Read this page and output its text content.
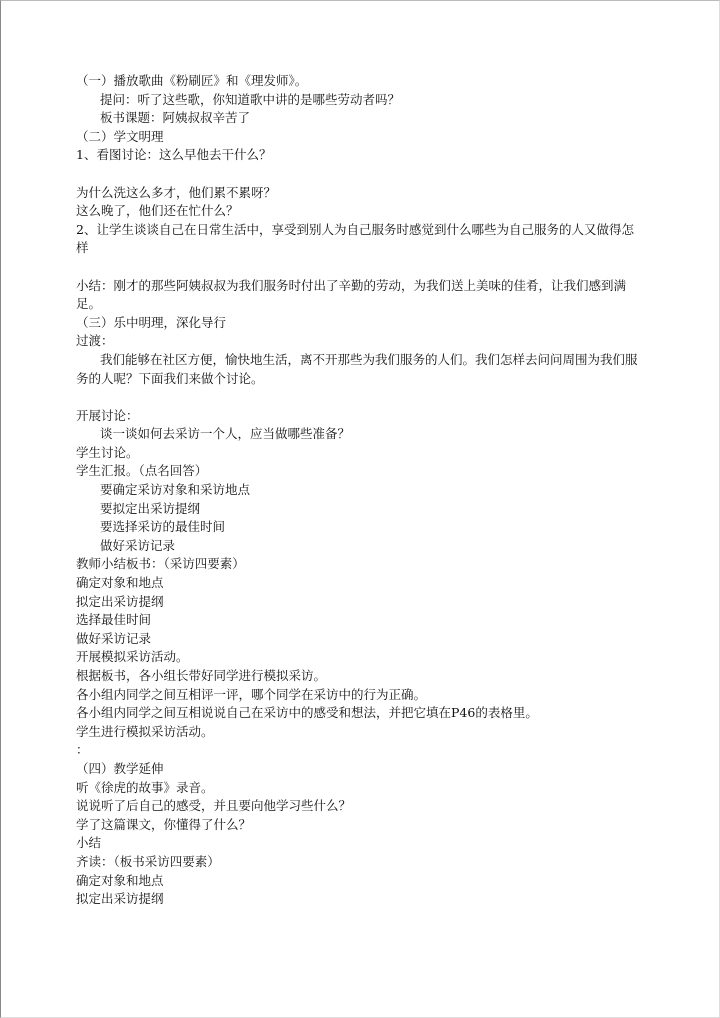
（一）播放歌曲《粉刷匠》和《理发师》。
提问：听了这些歌，你知道歌中讲的是哪些劳动者吗？
板书课题：阿姨叔叔辛苦了
（二）学文明理
1、看图讨论：这么早他去干什么？
为什么洗这么多才，他们累不累呀？
这么晚了，他们还在忙什么？
2、让学生谈谈自己在日常生活中，享受到别人为自己服务时感觉到什么哪些为自己服务的人又做得怎样
小结：刚才的那些阿姨叔叔为我们服务时付出了辛勤的劳动，为我们送上美味的佳肴，让我们感到满足。
（三）乐中明理，深化导行
过渡：
我们能够在社区方便，愉快地生活，离不开那些为我们服务的人们。我们怎样去问问周围为我们服务的人呢？下面我们来做个讨论。
开展讨论：
谈一谈如何去采访一个人，应当做哪些准备？
学生讨论。
学生汇报。（点名回答）
要确定采访对象和采访地点
要拟定出采访提纲
要选择采访的最佳时间
做好采访记录
教师小结板书：（采访四要素）
确定对象和地点
拟定出采访提纲
选择最佳时间
做好采访记录
开展模拟采访活动。
根据板书，各小组长带好同学进行模拟采访。
各小组内同学之间互相评一评，哪个同学在采访中的行为正确。
各小组内同学之间互相说说自己在采访中的感受和想法，并把它填在P46的表格里。
学生进行模拟采访活动。
：
（四）教学延伸
听《徐虎的故事》录音。
说说听了后自己的感受，并且要向他学习些什么？
学了这篇课文，你懂得了什么？
小结
齐读：（板书采访四要素）
确定对象和地点
拟定出采访提纲
